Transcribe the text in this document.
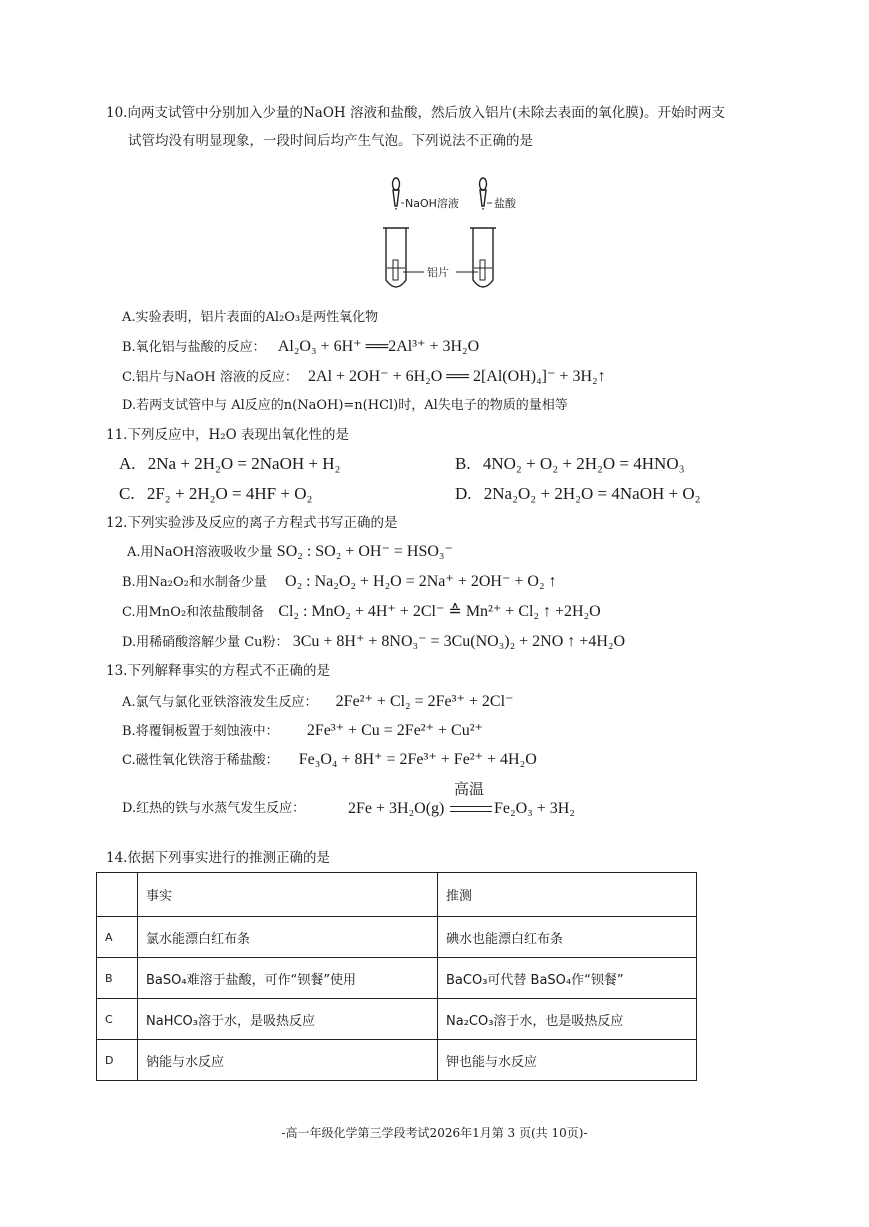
10.向两支试管中分别加入少量的NaOH 溶液和盐酸，然后放入铝片(未除去表面的氧化膜)。开始时两支
试管均没有明显现象，一段时间后均产生气泡。下列说法不正确的是
NaOH溶液	盐酸
铝片
A.实验表明，铝片表面的Al₂O₃是两性氧化物
B.氧化铝与盐酸的反应： Al₂O₃ + 6H⁺ ══2Al³⁺ + 3H₂O
C.铝片与NaOH 溶液的反应： 2Al + 2OH⁻ + 6H₂O ══ 2[Al(OH)₄]⁻ + 3H₂↑
D.若两支试管中与 Al反应的n(NaOH)=n(HCl)时，Al失电子的物质的量相等
11.下列反应中，H₂O 表现出氧化性的是
A. 2Na + 2H₂O = 2NaOH + H₂	B. 4NO₂ + O₂ + 2H₂O = 4HNO₃
C. 2F₂ + 2H₂O = 4HF + O₂	D. 2Na₂O₂ + 2H₂O = 4NaOH + O₂
12.下列实验涉及反应的离子方程式书写正确的是
A.用NaOH溶液吸收少量 SO₂ : SO₂ + OH⁻ = HSO₃⁻
B.用Na₂O₂和水制备少量 O₂ : Na₂O₂ + H₂O = 2Na⁺ + 2OH⁻ + O₂ ↑
C.用MnO₂和浓盐酸制备 Cl₂ : MnO₂ + 4H⁺ + 2Cl⁻ ≙ Mn²⁺ + Cl₂ ↑ +2H₂O
D.用稀硝酸溶解少量 Cu粉： 3Cu + 8H⁺ + 8NO₃⁻ = 3Cu(NO₃)₂ + 2NO ↑ +4H₂O
13.下列解释事实的方程式不正确的是
A.氯气与氯化亚铁溶液发生反应： 2Fe²⁺ + Cl₂ = 2Fe³⁺ + 2Cl⁻
B.将覆铜板置于刻蚀液中： 2Fe³⁺ + Cu = 2Fe²⁺ + Cu²⁺
C.磁性氧化铁溶于稀盐酸： Fe₃O₄ + 8H⁺ = 2Fe³⁺ + Fe²⁺ + 4H₂O
D.红热的铁与水蒸气发生反应：	2Fe + 3H₂O(g)
高温
Fe₂O₃ + 3H₂
14.依据下列事实进行的推测正确的是
	事实	推测
A	氯水能漂白红布条	碘水也能漂白红布条
B	BaSO₄难溶于盐酸，可作“钡餐”使用	BaCO₃可代替 BaSO₄作“钡餐”
C	NaHCO₃溶于水，是吸热反应	Na₂CO₃溶于水，也是吸热反应
D	钠能与水反应	钾也能与水反应
-高一年级化学第三学段考试2026年1月第 3 页(共 10页)-
